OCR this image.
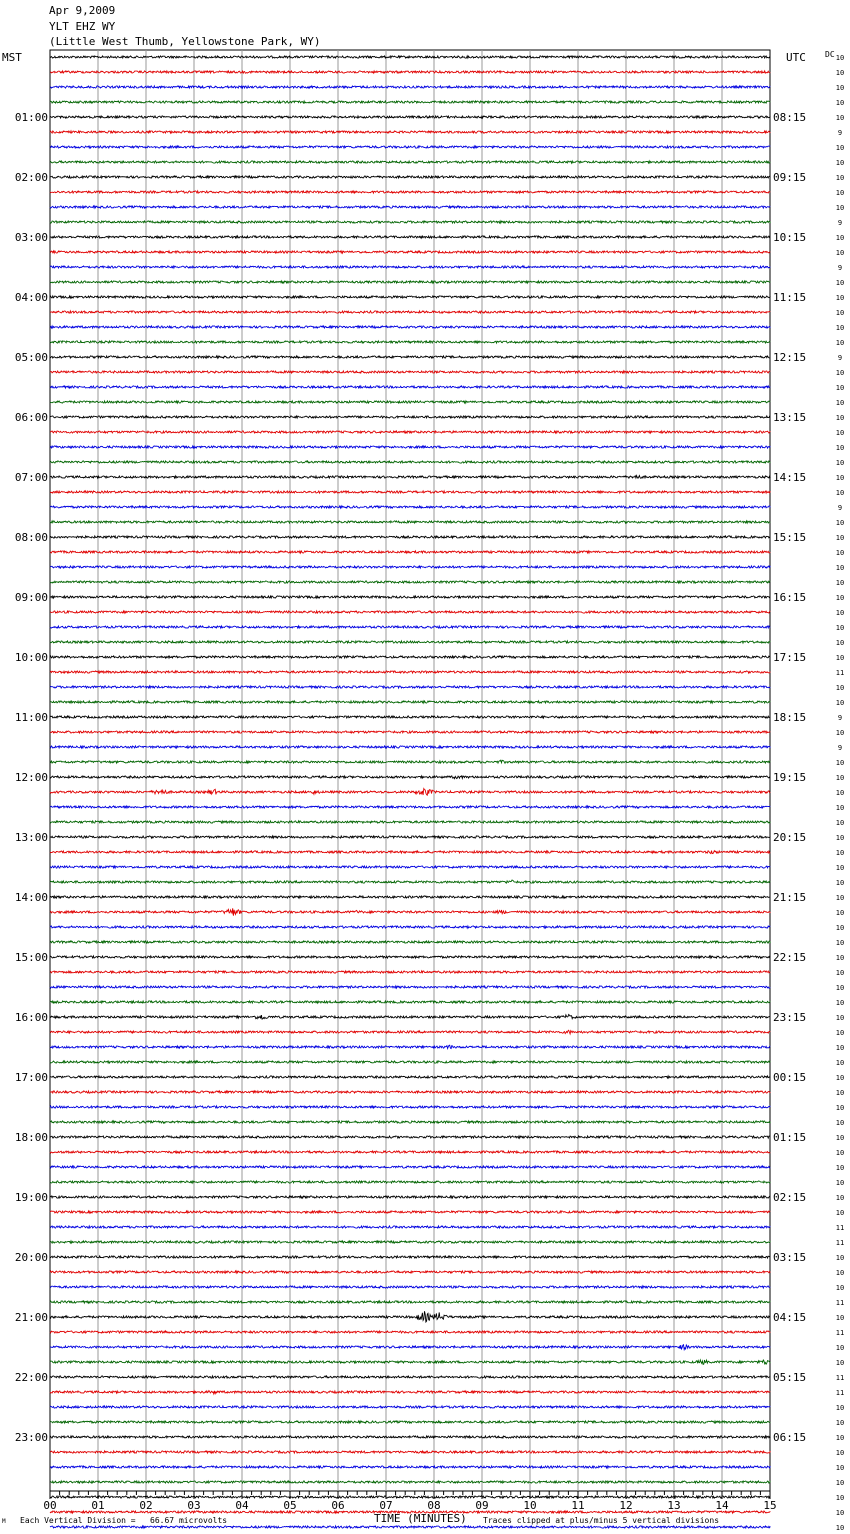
Apr 9,2009
YLT EHZ WY
(Little West Thumb, Yellowstone Park, WY)
MST	UTC DC
00	01	02	03	04	05	06	07	08	09	10	11	12	13	14	15
10
10
10
10
10
9
10
10
10
10
10
9
10
10
9
10
10
10
10
10
9
10
10
10
10
10
10
10
10
10
9
10
10
10
10
10
10
10
10
10
10
11
10
10
9
10
9
10
10
10
10
10
10
10
10
10
10
10
10
10
10
10
10
10
10
10
10
10
10
10
10
10
10
10
10
10
10
10
11
11
10
10
10
11
10
11
10
10
11
11
10
10
10
10
10
10
10
10
10
01:00	08:15
02:00	09:15
03:00	10:15
04:00	11:15
05:00	12:15
06:00	13:15
07:00	14:15
08:00	15:15
09:00	16:15
10:00	17:15
11:00	18:15
12:00	19:15
13:00	20:15
14:00	21:15
15:00	22:15
16:00	23:15
17:00	00:15
18:00	01:15
19:00	02:15
20:00	03:15
21:00	04:15
22:00	05:15
23:00	06:15
M Each Vertical Division =   66.67 microvolts	TIME (MINUTES) Traces clipped at plus/minus 5 vertical divisions
